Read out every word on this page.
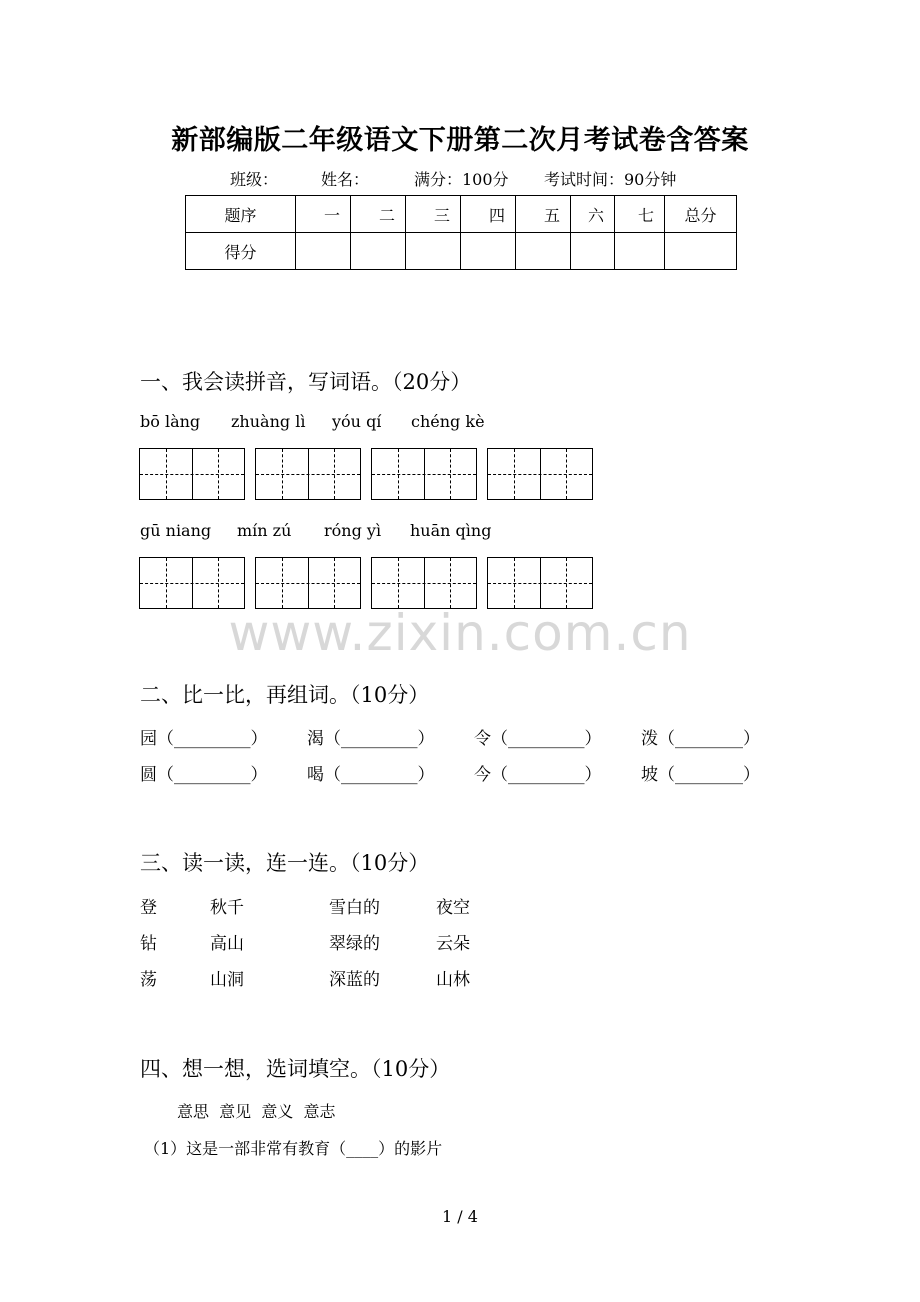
www.zixin.com.cn
新部编版二年级语文下册第二次月考试卷含答案
班级：	姓名：	满分：100分 考试时间：90分钟
题序	一	二	三	四	五	六	七	总分
得分								
一、我会读拼音，写词语。（20分）
bō làng zhuàng lì yóu qí chéng kè
gū niang mín zú róng yì huān qìng
二、比一比，再组词。（10分）
园（_________） 渴（_________） 令（_________） 泼（________）
圆（_________） 喝（_________） 今（_________） 坡（________）
三、读一读，连一连。（10分）
登	秋千	雪白的	夜空
钻	高山	翠绿的	云朵
荡	山洞	深蓝的	山林
四、想一想，选词填空。（10分）
意思  意见  意义  意志
（1）这是一部非常有教育（____）的影片
1 / 4
